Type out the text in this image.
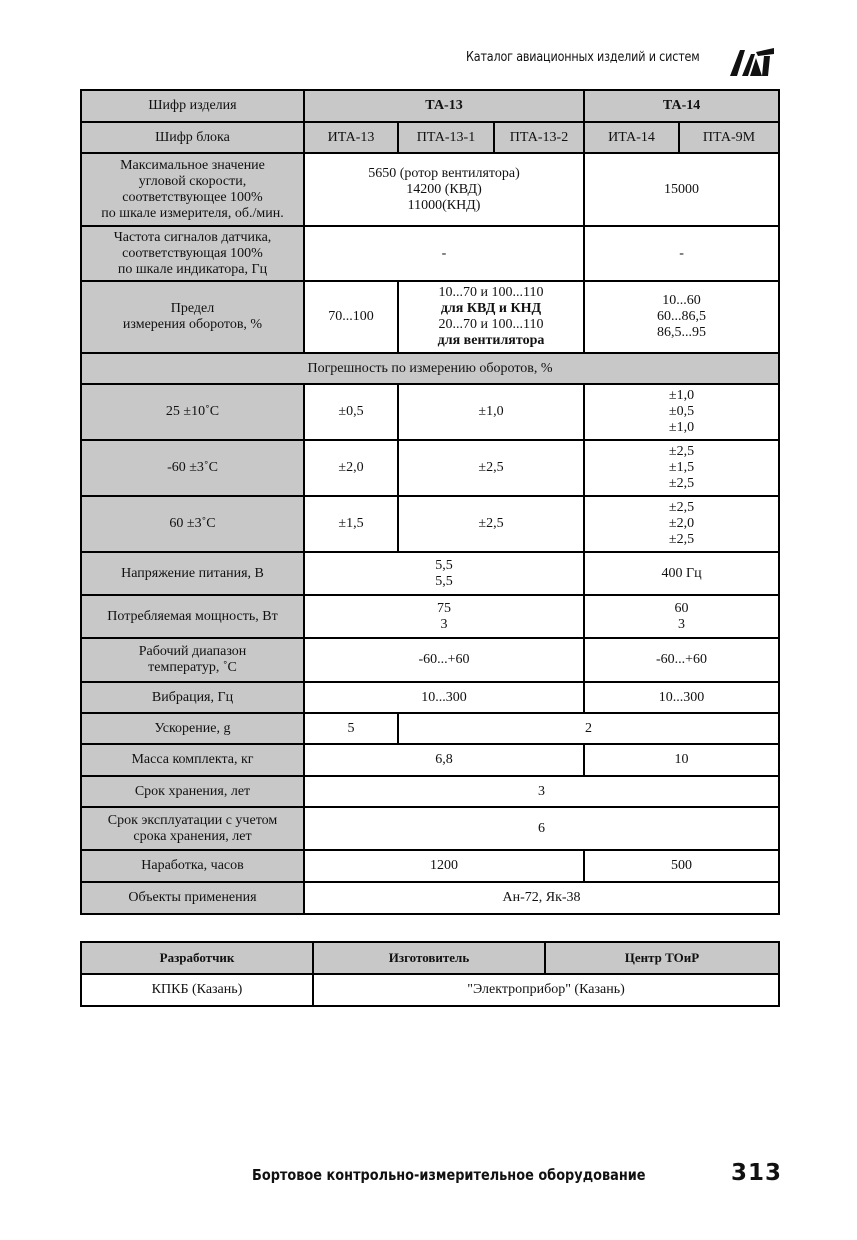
Каталог авиационных изделий и систем
Шифр изделия	ТА-13			ТА-14	
Шифр блока	ИТА-13	ПТА-13-1	ПТА-13-2	ИТА-14	ПТА-9М

Максимальное значение
угловой скорости,
соответствующее 100%
по шкале измерителя, об./мин.	5650 (ротор вентилятора)
14200 (КВД)
11000(КНД)			15000	

Частота сигналов датчика,
соответствующая 100%
по шкале индикатора, Гц	-			-	

Предел
измерения оборотов, %	70...100	10...70 и 100...110
для КВД и КНД
20...70 и 100...110
для вентилятора		10...60
60...86,5
86,5...95	

Погрешность по измерению оборотов, %					
25 ±10˚С	±0,5	±1,0		±1,0
±0,5
±1,0	

-60 ±3˚С	±2,0	±2,5		±2,5
±1,5
±2,5	

60 ±3˚С	±1,5	±2,5		±2,5
±2,0
±2,5	

Напряжение питания, В	5,5
5,5			400 Гц	
Потребляемая мощность, Вт	75
3			60
3	

Рабочий диапазон
температур, ˚С	-60...+60			-60...+60	
Вибрация, Гц	10...300			10...300	
Ускорение, g	5	2			
Масса комплекта, кг	6,8			10	
Срок хранения, лет	3				

Срок эксплуатации с учетом
срока хранения, лет	6				
Наработка, часов	1200			500	
Объекты применения	Ан-72, Як-38				
Разработчик	Изготовитель	Центр ТОиР
КПКБ (Казань)	"Электроприбор" (Казань)	
Бортовое контрольно-измерительное оборудование	313
